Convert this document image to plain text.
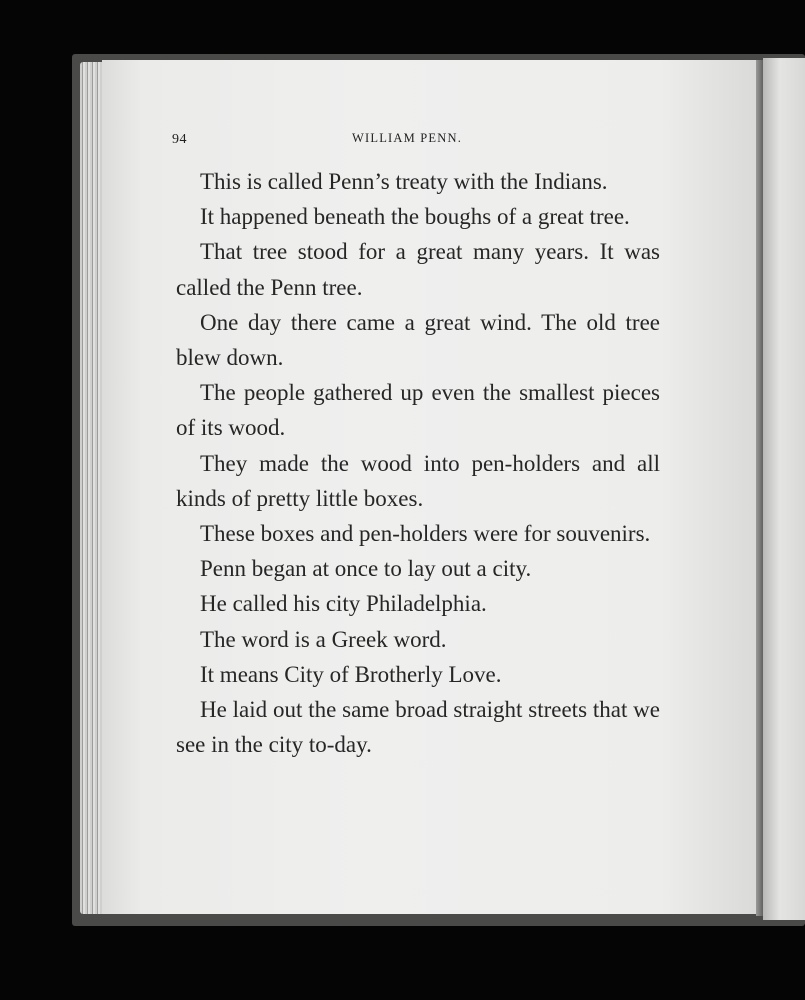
94	WILLIAM PENN.

This is called Penn’s treaty with the Indians.

It happened beneath the boughs of a great tree.

That tree stood for a great many years. It was called the Penn tree.

One day there came a great wind. The old tree blew down.

The people gathered up even the smallest pieces of its wood.

They made the wood into pen-holders and all kinds of pretty little boxes.

These boxes and pen-holders were for souvenirs.

Penn began at once to lay out a city.

He called his city Philadelphia.

The word is a Greek word.

It means City of Brotherly Love.

He laid out the same broad straight streets that we see in the city to-day.
